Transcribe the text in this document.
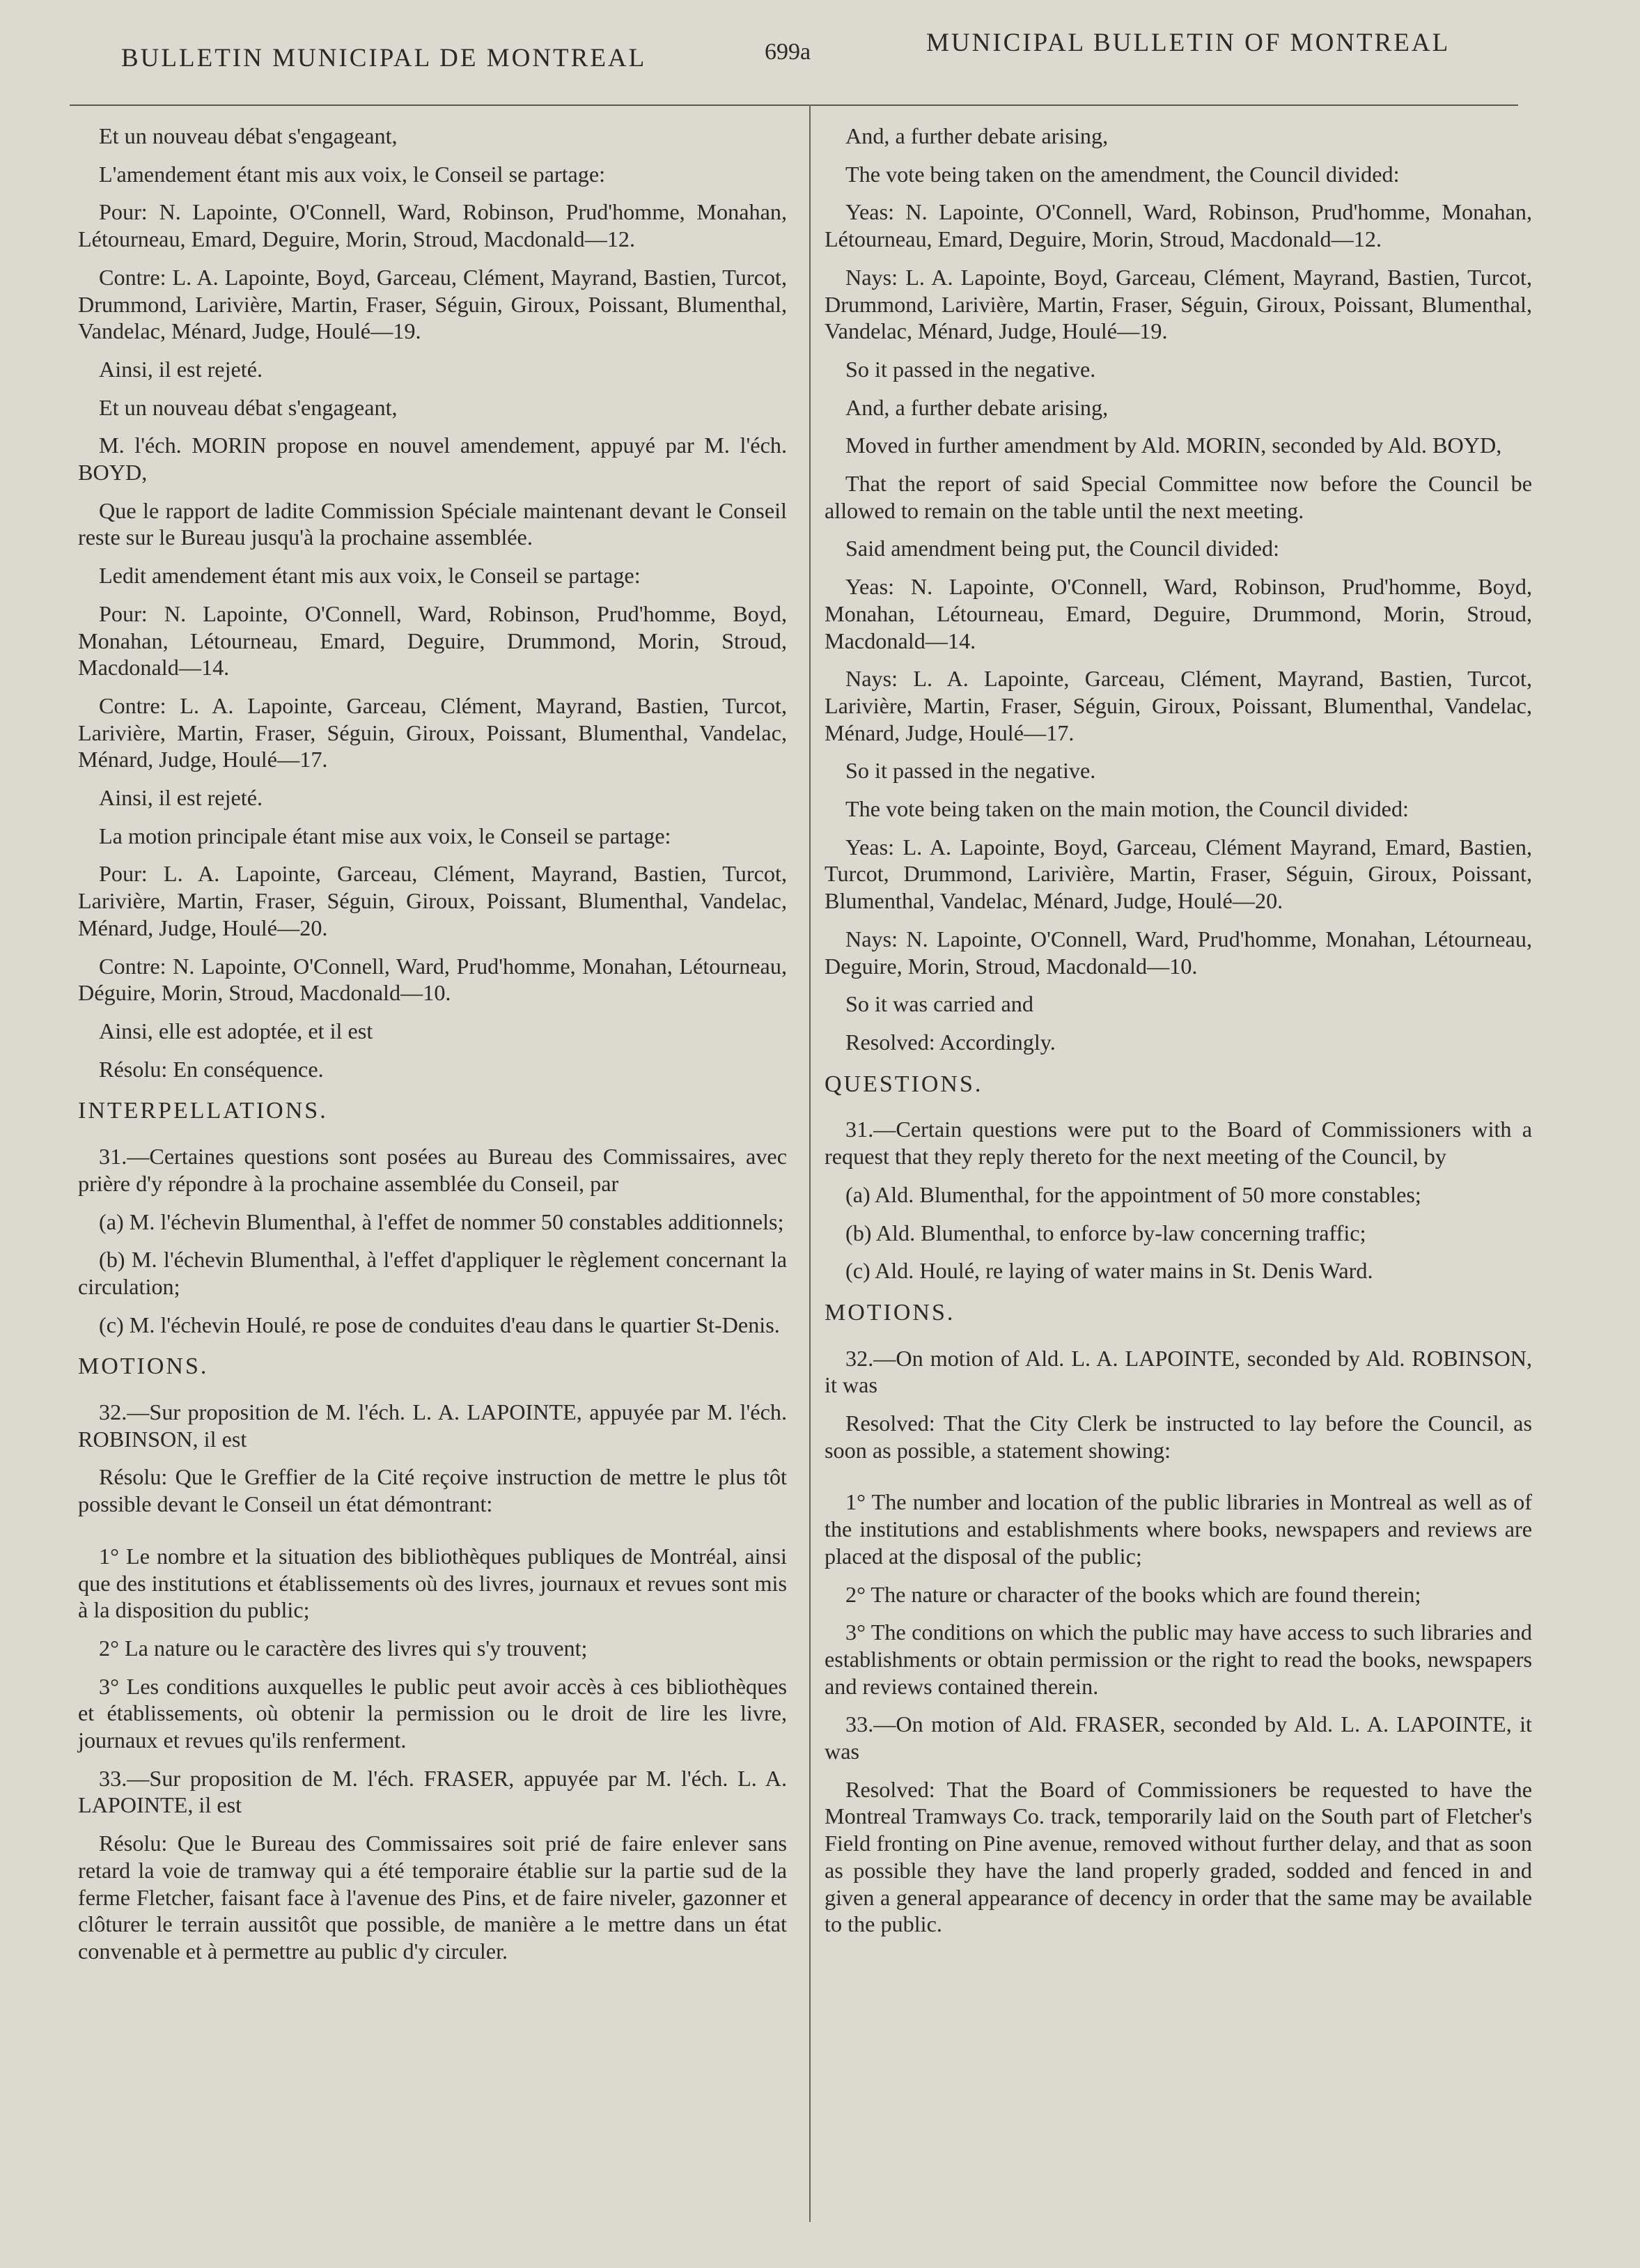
BULLETIN MUNICIPAL DE MONTREAL	699a	MUNICIPAL BULLETIN OF MONTREAL

Et un nouveau débat s'engageant,

L'amendement étant mis aux voix, le Conseil se partage:

Pour: N. Lapointe, O'Connell, Ward, Robinson, Prud'homme, Monahan, Létourneau, Emard, Deguire, Morin, Stroud, Macdonald—12.

Contre: L. A. Lapointe, Boyd, Garceau, Clément, Mayrand, Bastien, Turcot, Drummond, Larivière, Martin, Fraser, Séguin, Giroux, Poissant, Blumenthal, Vandelac, Ménard, Judge, Houlé—19.

Ainsi, il est rejeté.

Et un nouveau débat s'engageant,

M. l'éch. MORIN propose en nouvel amendement, appuyé par M. l'éch. BOYD,

Que le rapport de ladite Commission Spéciale maintenant devant le Conseil reste sur le Bureau jusqu'à la prochaine assemblée.

Ledit amendement étant mis aux voix, le Conseil se partage:

Pour: N. Lapointe, O'Connell, Ward, Robinson, Prud'homme, Boyd, Monahan, Létourneau, Emard, Deguire, Drummond, Morin, Stroud, Macdonald—14.

Contre: L. A. Lapointe, Garceau, Clément, Mayrand, Bastien, Turcot, Larivière, Martin, Fraser, Séguin, Giroux, Poissant, Blumenthal, Vandelac, Ménard, Judge, Houlé—17.

Ainsi, il est rejeté.

La motion principale étant mise aux voix, le Conseil se partage:

Pour: L. A. Lapointe, Garceau, Clément, Mayrand, Bastien, Turcot, Larivière, Martin, Fraser, Séguin, Giroux, Poissant, Blumenthal, Vandelac, Ménard, Judge, Houlé—20.

Contre: N. Lapointe, O'Connell, Ward, Prud'homme, Monahan, Létourneau, Déguire, Morin, Stroud, Macdonald—10.

Ainsi, elle est adoptée, et il est

Résolu: En conséquence.

INTERPELLATIONS.

31.—Certaines questions sont posées au Bureau des Commissaires, avec prière d'y répondre à la prochaine assemblée du Conseil, par

(a) M. l'échevin Blumenthal, à l'effet de nommer 50 constables additionnels;

(b) M. l'échevin Blumenthal, à l'effet d'appliquer le règlement concernant la circulation;

(c) M. l'échevin Houlé, re pose de conduites d'eau dans le quartier St-Denis.

MOTIONS.

32.—Sur proposition de M. l'éch. L. A. LAPOINTE, appuyée par M. l'éch. ROBINSON, il est

Résolu: Que le Greffier de la Cité reçoive instruction de mettre le plus tôt possible devant le Conseil un état démontrant:

1° Le nombre et la situation des bibliothèques publiques de Montréal, ainsi que des institutions et établissements où des livres, journaux et revues sont mis à la disposition du public;

2° La nature ou le caractère des livres qui s'y trouvent;

3° Les conditions auxquelles le public peut avoir accès à ces bibliothèques et établissements, où obtenir la permission ou le droit de lire les livre, journaux et revues qu'ils renferment.

33.—Sur proposition de M. l'éch. FRASER, appuyée par M. l'éch. L. A. LAPOINTE, il est

Résolu: Que le Bureau des Commissaires soit prié de faire enlever sans retard la voie de tramway qui a été temporaire établie sur la partie sud de la ferme Fletcher, faisant face à l'avenue des Pins, et de faire niveler, gazonner et clôturer le terrain aussitôt que possible, de manière a le mettre dans un état convenable et à permettre au public d'y circuler.

And, a further debate arising,

The vote being taken on the amendment, the Council divided:

Yeas: N. Lapointe, O'Connell, Ward, Robinson, Prud'homme, Monahan, Létourneau, Emard, Deguire, Morin, Stroud, Macdonald—12.

Nays: L. A. Lapointe, Boyd, Garceau, Clément, Mayrand, Bastien, Turcot, Drummond, Larivière, Martin, Fraser, Séguin, Giroux, Poissant, Blumenthal, Vandelac, Ménard, Judge, Houlé—19.

So it passed in the negative.

And, a further debate arising,

Moved in further amendment by Ald. MORIN, seconded by Ald. BOYD,

That the report of said Special Committee now before the Council be allowed to remain on the table until the next meeting.

Said amendment being put, the Council divided:

Yeas: N. Lapointe, O'Connell, Ward, Robinson, Prud'homme, Boyd, Monahan, Létourneau, Emard, Deguire, Drummond, Morin, Stroud, Macdonald—14.

Nays: L. A. Lapointe, Garceau, Clément, Mayrand, Bastien, Turcot, Larivière, Martin, Fraser, Séguin, Giroux, Poissant, Blumenthal, Vandelac, Ménard, Judge, Houlé—17.

So it passed in the negative.

The vote being taken on the main motion, the Council divided:

Yeas: L. A. Lapointe, Boyd, Garceau, Clément Mayrand, Emard, Bastien, Turcot, Drummond, Larivière, Martin, Fraser, Séguin, Giroux, Poissant, Blumenthal, Vandelac, Ménard, Judge, Houlé—20.

Nays: N. Lapointe, O'Connell, Ward, Prud'homme, Monahan, Létourneau, Deguire, Morin, Stroud, Macdonald—10.

So it was carried and

Resolved: Accordingly.

QUESTIONS.

31.—Certain questions were put to the Board of Commissioners with a request that they reply thereto for the next meeting of the Council, by

(a) Ald. Blumenthal, for the appointment of 50 more constables;

(b) Ald. Blumenthal, to enforce by-law concerning traffic;

(c) Ald. Houlé, re laying of water mains in St. Denis Ward.

MOTIONS.

32.—On motion of Ald. L. A. LAPOINTE, seconded by Ald. ROBINSON, it was

Resolved: That the City Clerk be instructed to lay before the Council, as soon as possible, a statement showing:

1° The number and location of the public libraries in Montreal as well as of the institutions and establishments where books, newspapers and reviews are placed at the disposal of the public;

2° The nature or character of the books which are found therein;

3° The conditions on which the public may have access to such libraries and establishments or obtain permission or the right to read the books, newspapers and reviews contained therein.

33.—On motion of Ald. FRASER, seconded by Ald. L. A. LAPOINTE, it was

Resolved: That the Board of Commissioners be requested to have the Montreal Tramways Co. track, temporarily laid on the South part of Fletcher's Field fronting on Pine avenue, removed without further delay, and that as soon as possible they have the land properly graded, sodded and fenced in and given a general appearance of decency in order that the same may be available to the public.
